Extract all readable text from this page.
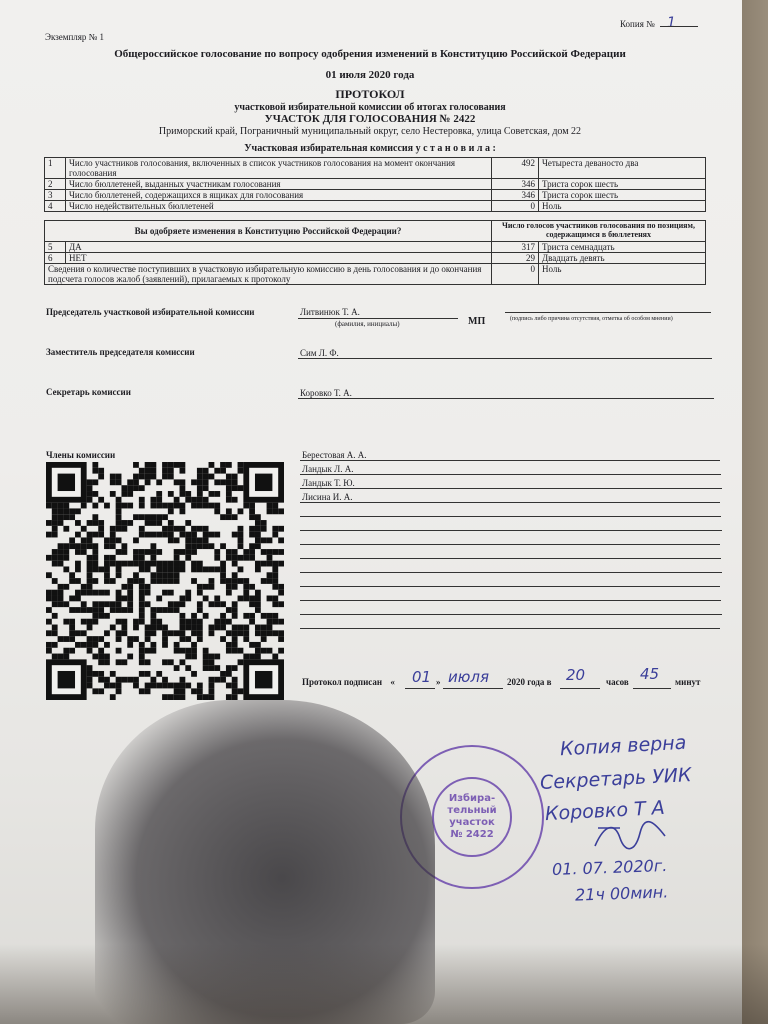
Копия № 1
Экземпляр № 1
Общероссийское голосование по вопросу одобрения изменений в Конституцию Российской Федерации
01 июля 2020 года
ПРОТОКОЛ
участковой избирательной комиссии об итогах голосования
УЧАСТОК ДЛЯ ГОЛОСОВАНИЯ № 2422
Приморский край, Пограничный муниципальный округ, село Нестеровка, улица Советская, дом 22
Участковая избирательная комиссия у с т а н о в и л а :
1	Число участников голосования, включенных в список участников голосования на момент окончания голосования	492	Четыреста деваносто два
2	Число бюллетеней, выданных участникам голосования	346	Триста сорок шесть
3	Число бюллетеней, содержащихся в ящиках для голосования	346	Триста сорок шесть
4	Число недействительных бюллетеней	0	Ноль

Вы одобряете изменения в Конституцию Российской Федерации?		Число голосов участников голосования по позициям, содержащимся в бюллетенях	
5	ДА	317	Триста семнадцать
6	НЕТ	29	Двадцать девять
Сведения о количестве поступивших в участковую избирательную комиссию в день голосования и до окончания подсчета голосов жалоб (заявлений), прилагаемых к протоколу		0	Ноль
Председатель участковой избирательной комиссии	Литвинюк Т. А.
(фамилия, инициалы)	МП	(подпись либо причина отсутствия, отметка об особом мнении)
Заместитель председателя комиссии	Сим Л. Ф.
Секретарь комиссии	Коровко Т. А.
Члены комиссии	Берестовая А. А.
Ландык Л. А.
Ландык Т. Ю.
Лисина И. А.
Протокол подписан « 01 » июля 2020 года в 20 часов 45 минут
Избира-
тельный
участок
№ 2422
Копия верна
Секретарь УИК
Коровко Т А
01. 07. 2020г.
21ч 00мин.
